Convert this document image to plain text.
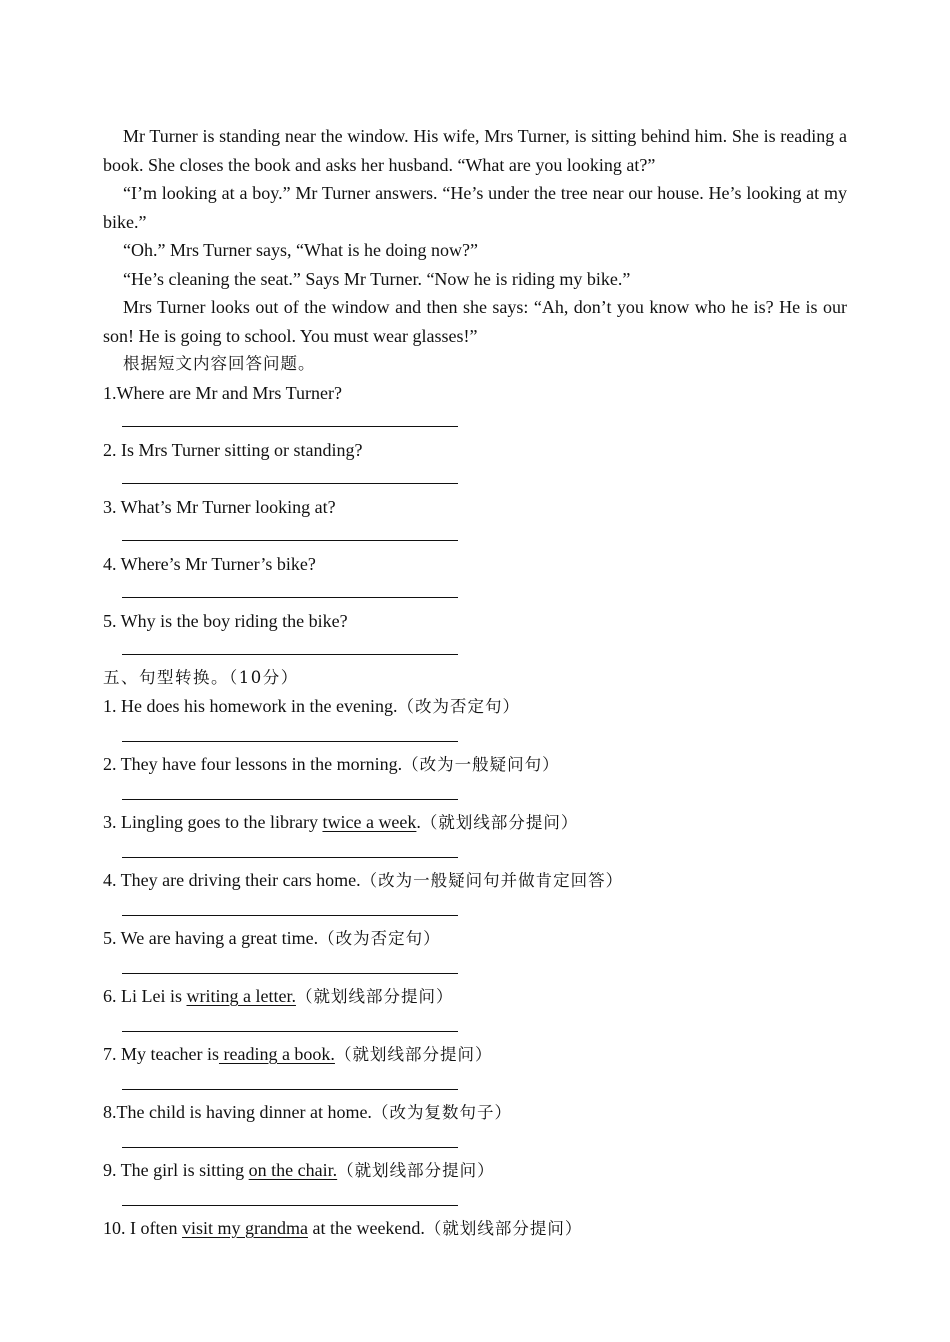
Mr Turner is standing near the window. His wife, Mrs Turner, is sitting behind him. She is reading a book. She closes the book and asks her husband. “What are you looking at?”

“I’m looking at a boy.” Mr Turner answers. “He’s under the tree near our house. He’s looking at my bike.”

“Oh.” Mrs Turner says, “What is he doing now?”

“He’s cleaning the seat.” Says Mr Turner. “Now he is riding my bike.”

Mrs Turner looks out of the window and then she says: “Ah, don’t you know who he is? He is our son! He is going to school. You must wear glasses!”

根据短文内容回答问题。

1.Where are Mr and Mrs Turner?
2. Is Mrs Turner sitting or standing?
3. What’s Mr Turner looking at?
4. Where’s Mr Turner’s bike?
5. Why is the boy riding the bike?
五、句型转换。（10分）
1. He does his homework in the evening.（改为否定句）
2. They have four lessons in the morning.（改为一般疑问句）
3. Lingling goes to the library twice a week.（就划线部分提问）
4. They are driving their cars home.（改为一般疑问句并做肯定回答）
5. We are having a great time.（改为否定句）
6. Li Lei is writing a letter.（就划线部分提问）
7. My teacher is reading a book.（就划线部分提问）
8.The child is having dinner at home.（改为复数句子）
9. The girl is sitting on the chair.（就划线部分提问）
10. I often visit my grandma at the weekend.（就划线部分提问）
